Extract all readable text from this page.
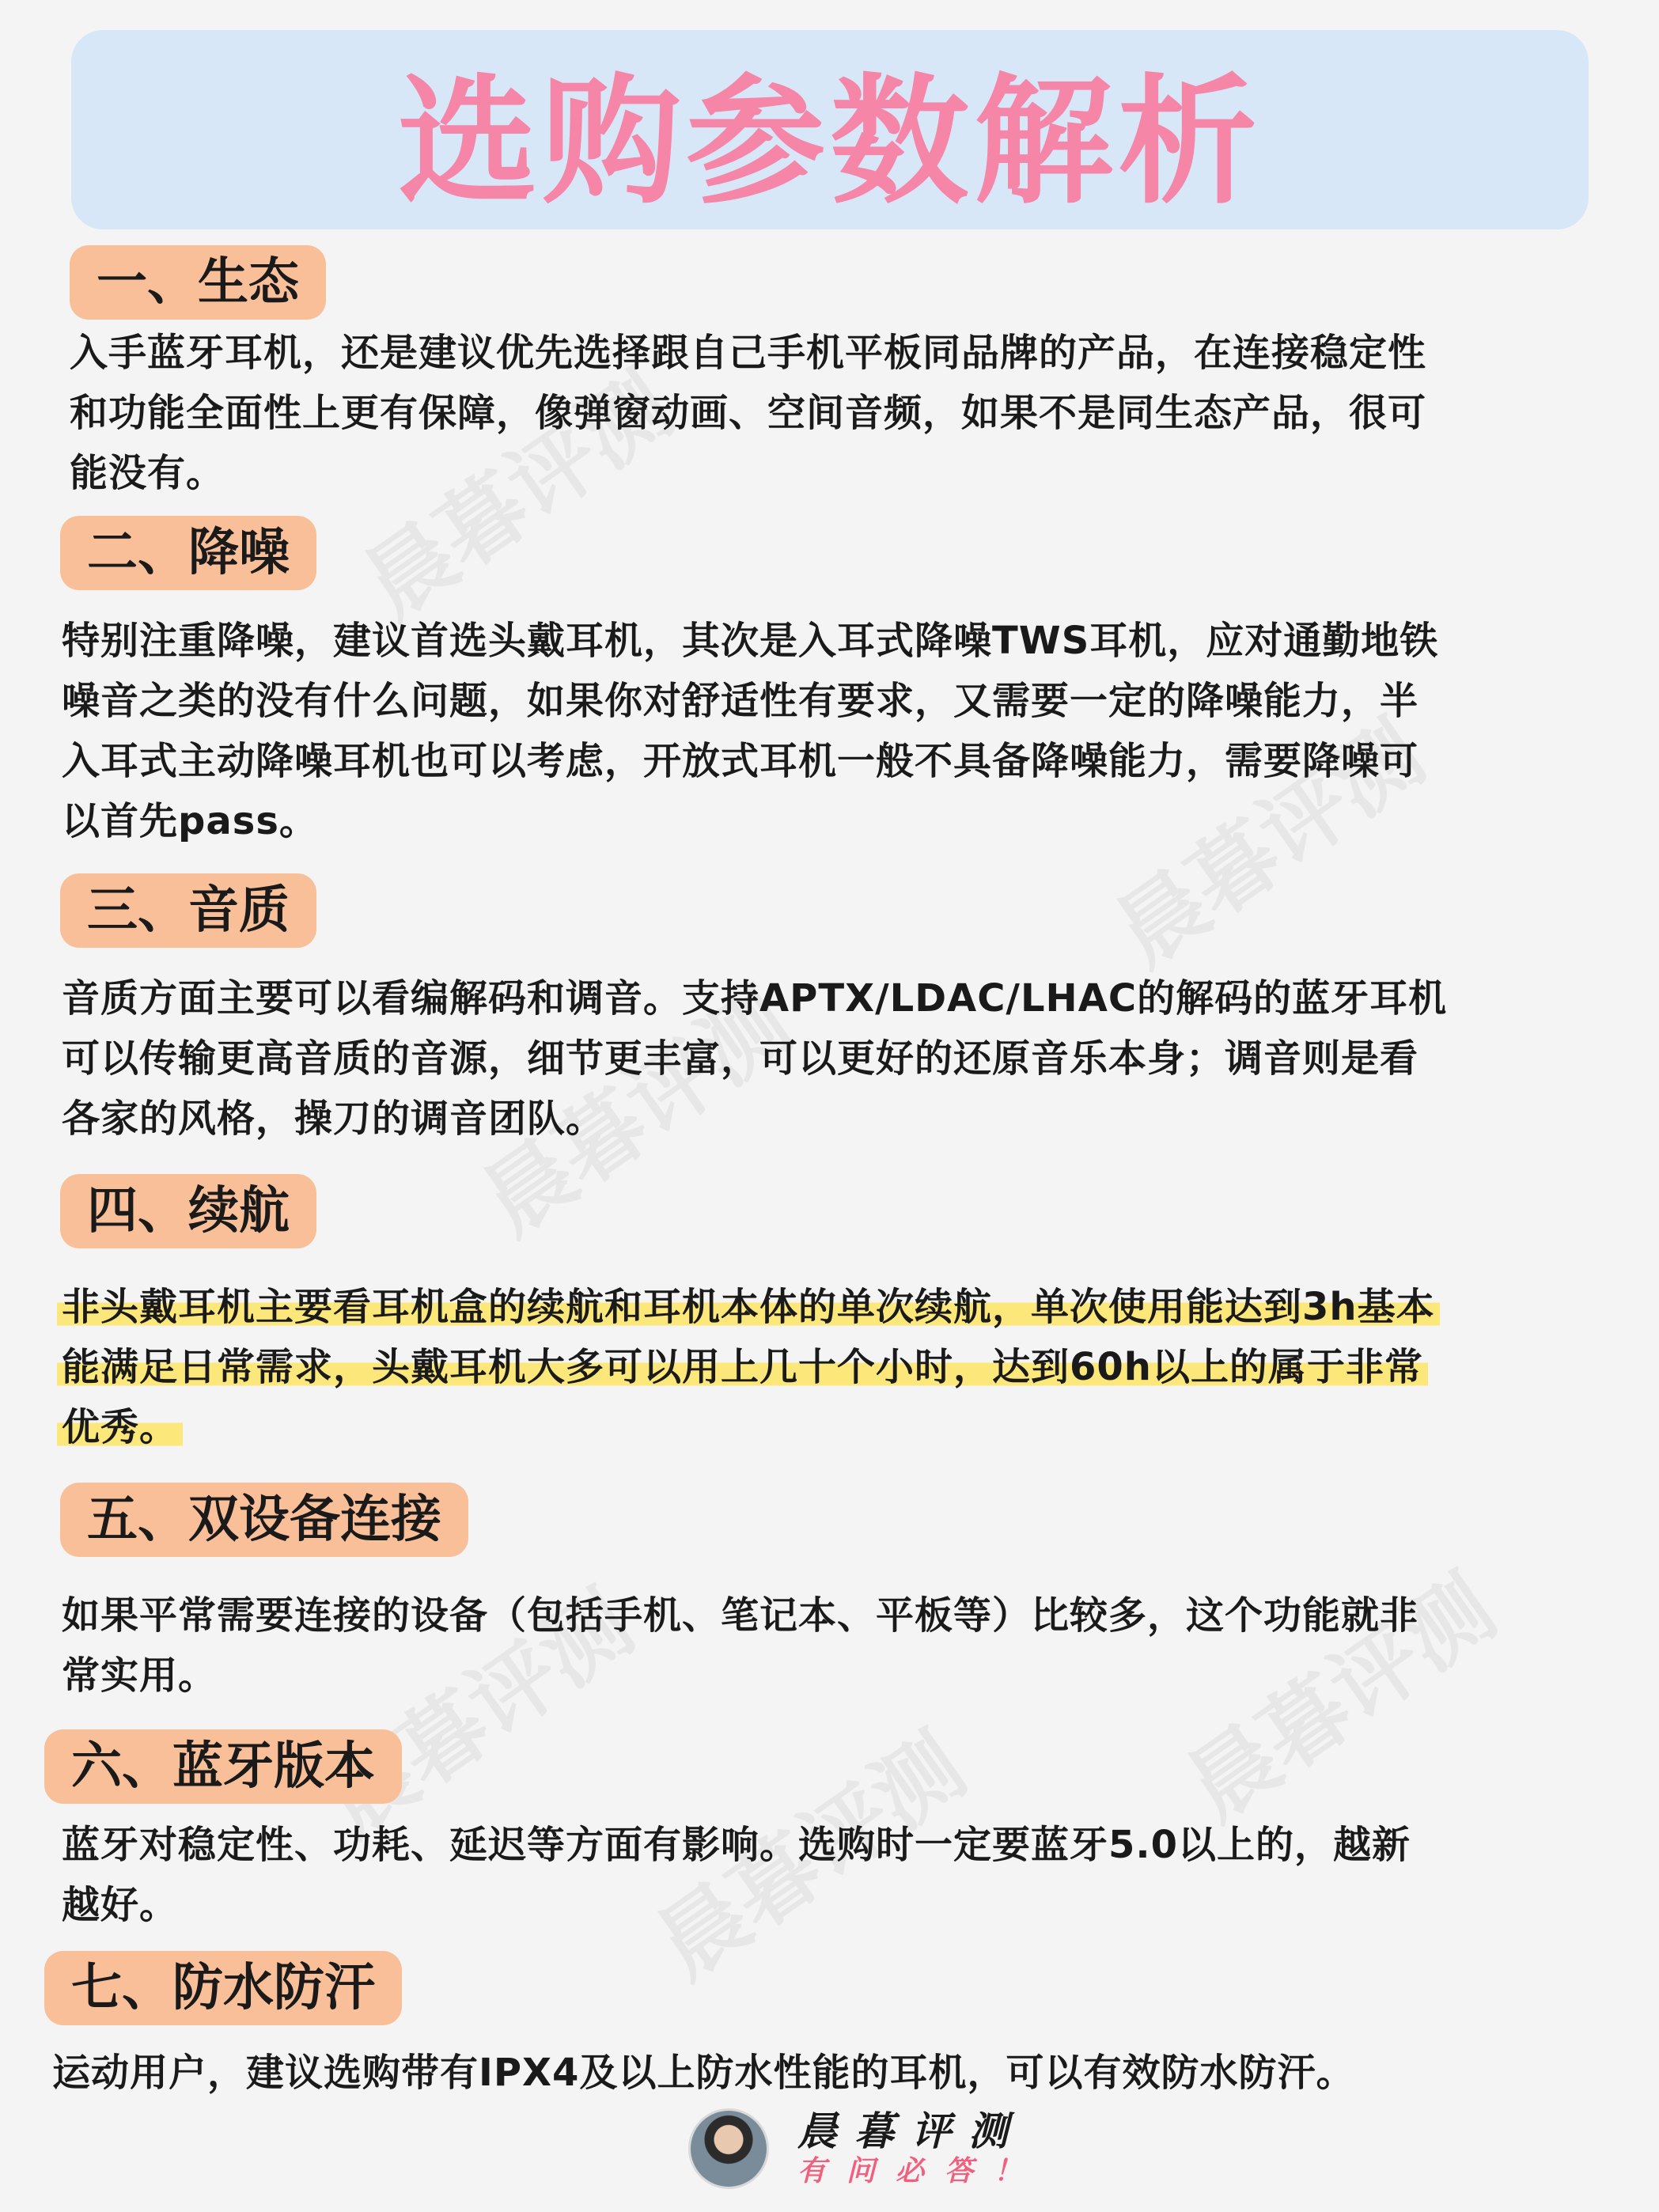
选购参数解析
晨暮评测
晨暮评测
晨暮评测
晨暮评测	晨暮评测
晨暮评测
一、生态
入手蓝牙耳机，还是建议优先选择跟自己手机平板同品牌的产品，在连接稳定性
和功能全面性上更有保障，像弹窗动画、空间音频，如果不是同生态产品，很可
能没有。
二、降噪
特别注重降噪，建议首选头戴耳机，其次是入耳式降噪TWS耳机，应对通勤地铁
噪音之类的没有什么问题，如果你对舒适性有要求，又需要一定的降噪能力，半
入耳式主动降噪耳机也可以考虑，开放式耳机一般不具备降噪能力，需要降噪可
以首先pass。
三、音质
音质方面主要可以看编解码和调音。支持APTX/LDAC/LHAC的解码的蓝牙耳机
可以传输更高音质的音源，细节更丰富，可以更好的还原音乐本身；调音则是看
各家的风格，操刀的调音团队。
四、续航
非头戴耳机主要看耳机盒的续航和耳机本体的单次续航，单次使用能达到3h基本
能满足日常需求，头戴耳机大多可以用上几十个小时，达到60h以上的属于非常
优秀。
五、双设备连接
如果平常需要连接的设备（包括手机、笔记本、平板等）比较多，这个功能就非
常实用。
六、蓝牙版本
蓝牙对稳定性、功耗、延迟等方面有影响。选购时一定要蓝牙5.0以上的，越新
越好。
七、防水防汗
运动用户，建议选购带有IPX4及以上防水性能的耳机，可以有效防水防汗。
晨暮评测
有问必答！
